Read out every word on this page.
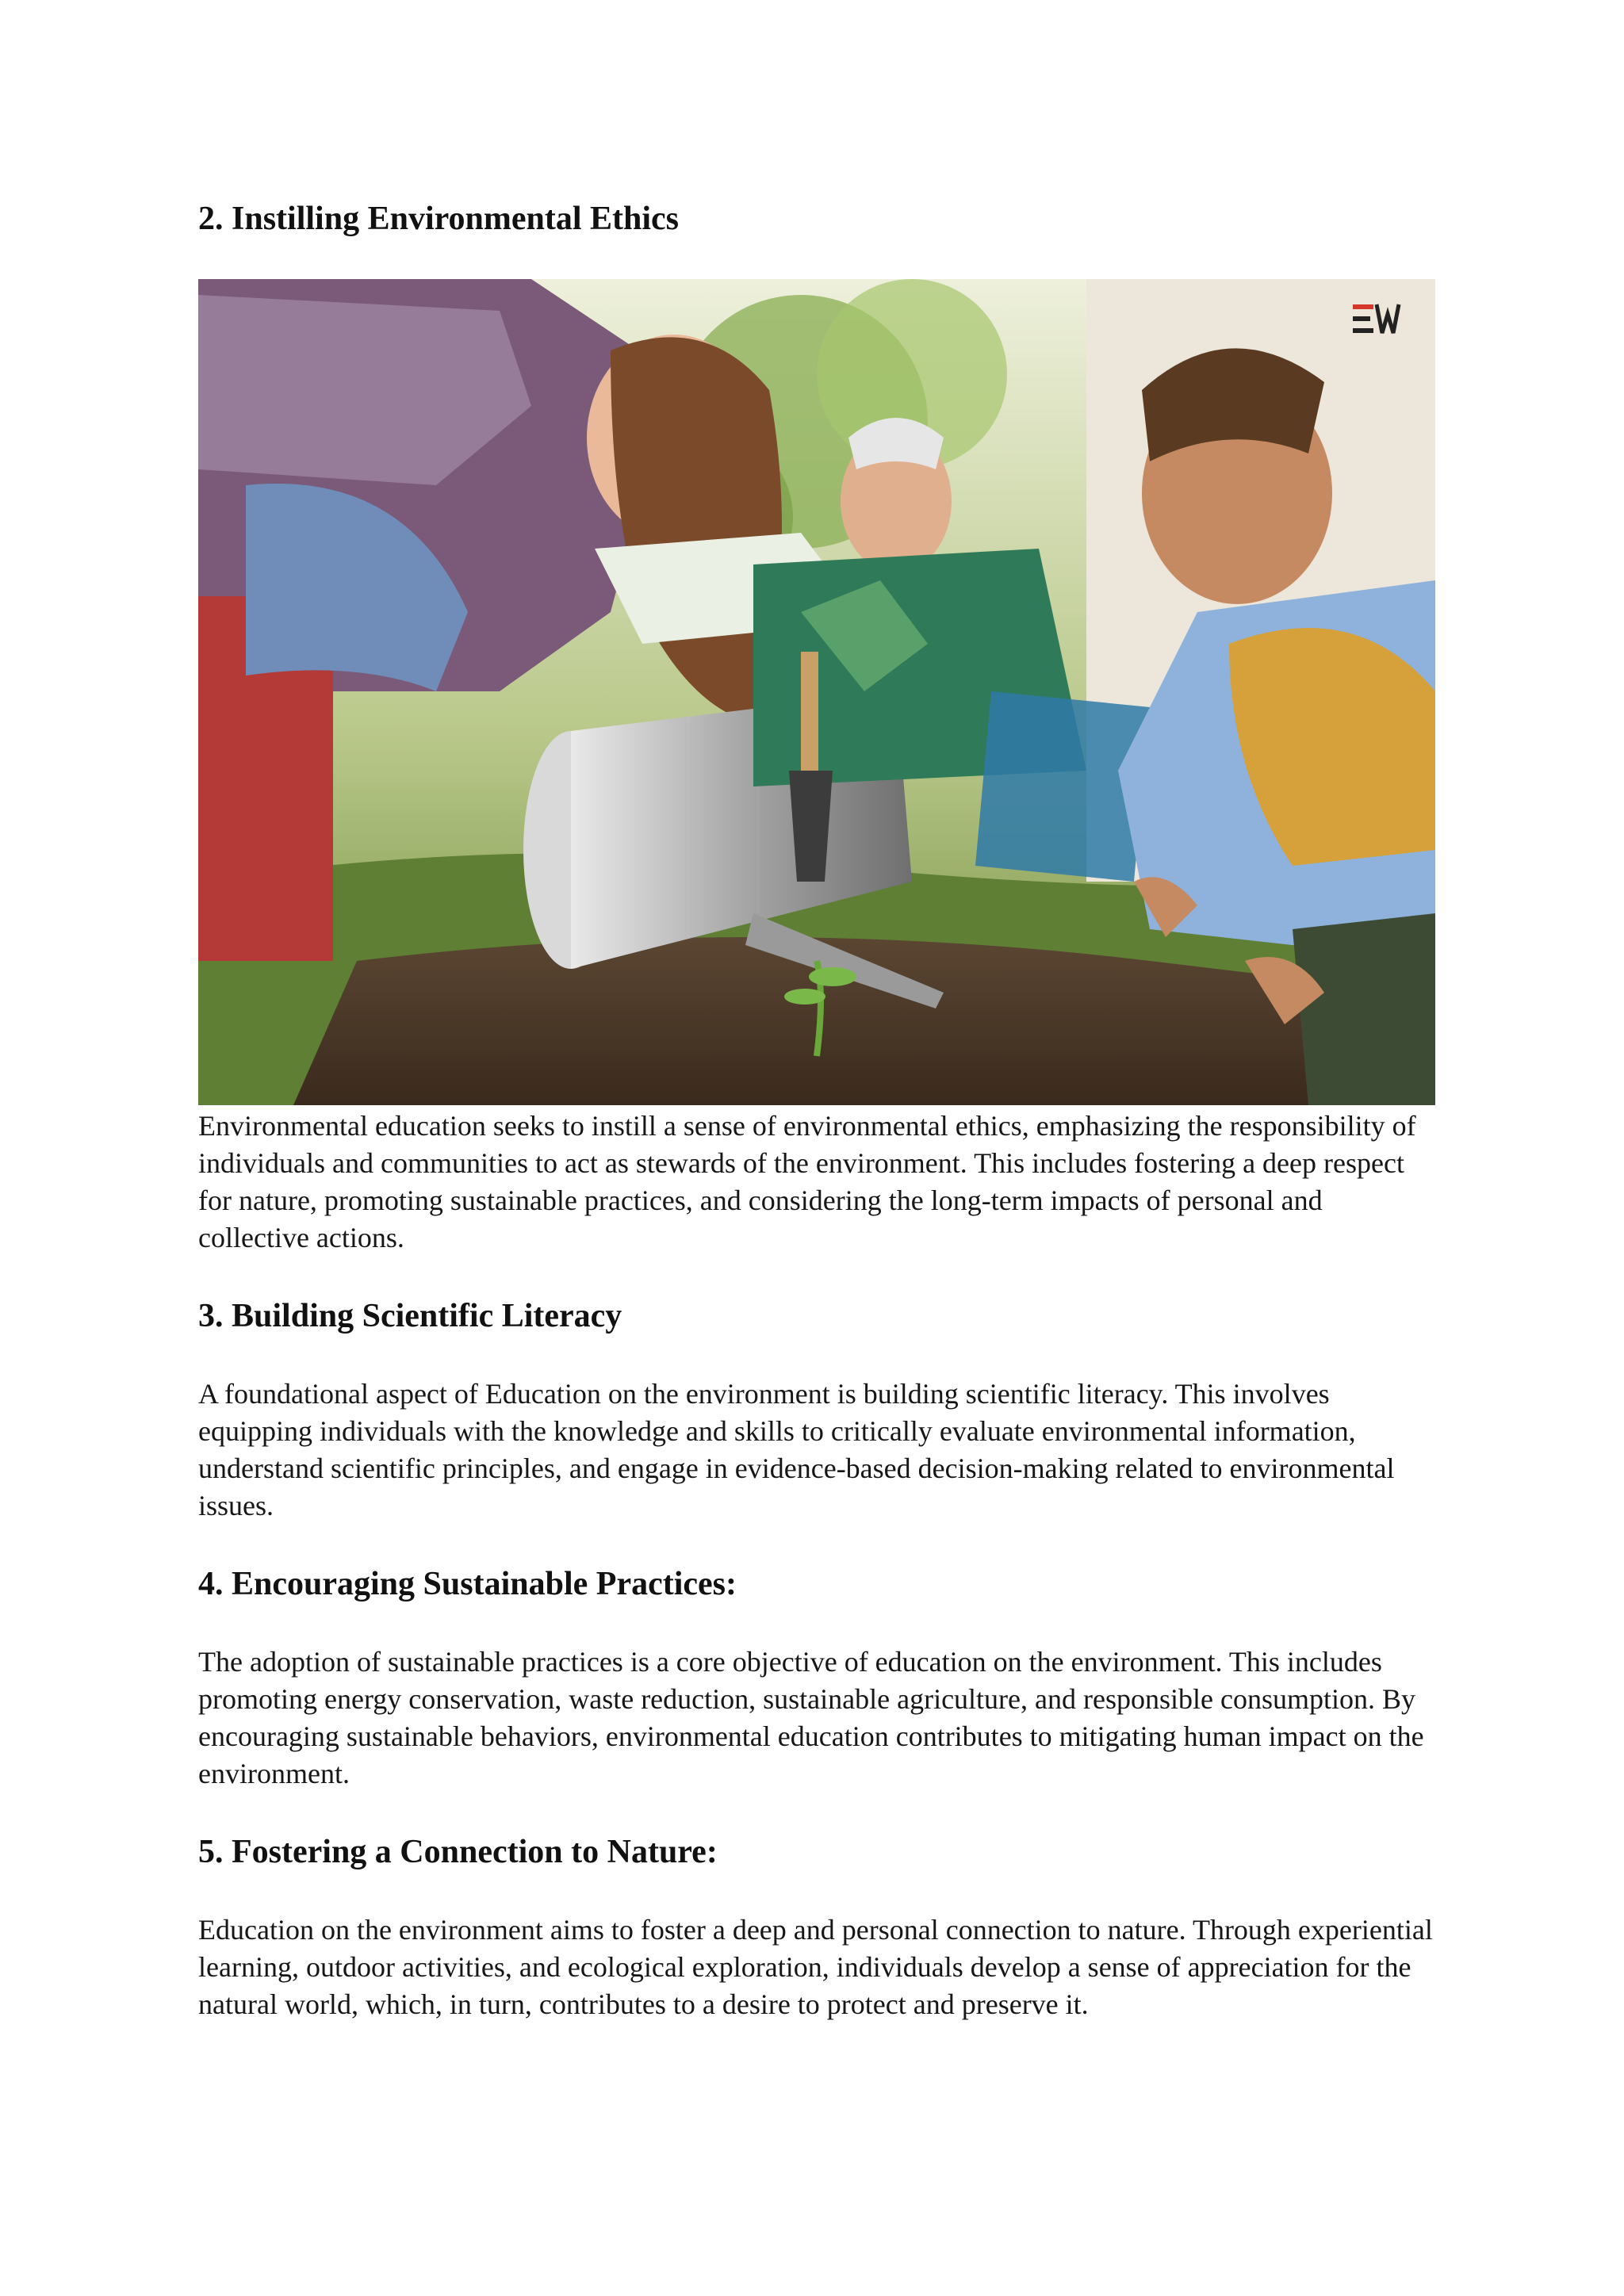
2. Instilling Environmental Ethics

Environmental education seeks to instill a sense of environmental ethics, emphasizing the responsibility of individuals and communities to act as stewards of the environment. This includes fostering a deep respect for nature, promoting sustainable practices, and considering the long-term impacts of personal and collective actions.

3. Building Scientific Literacy

A foundational aspect of Education on the environment is building scientific literacy. This involves equipping individuals with the knowledge and skills to critically evaluate environmental information, understand scientific principles, and engage in evidence-based decision-making related to environmental issues.

4. Encouraging Sustainable Practices:

The adoption of sustainable practices is a core objective of education on the environment. This includes promoting energy conservation, waste reduction, sustainable agriculture, and responsible consumption. By encouraging sustainable behaviors, environmental education contributes to mitigating human impact on the environment.

5. Fostering a Connection to Nature:

Education on the environment aims to foster a deep and personal connection to nature. Through experiential learning, outdoor activities, and ecological exploration, individuals develop a sense of appreciation for the natural world, which, in turn, contributes to a desire to protect and preserve it.
